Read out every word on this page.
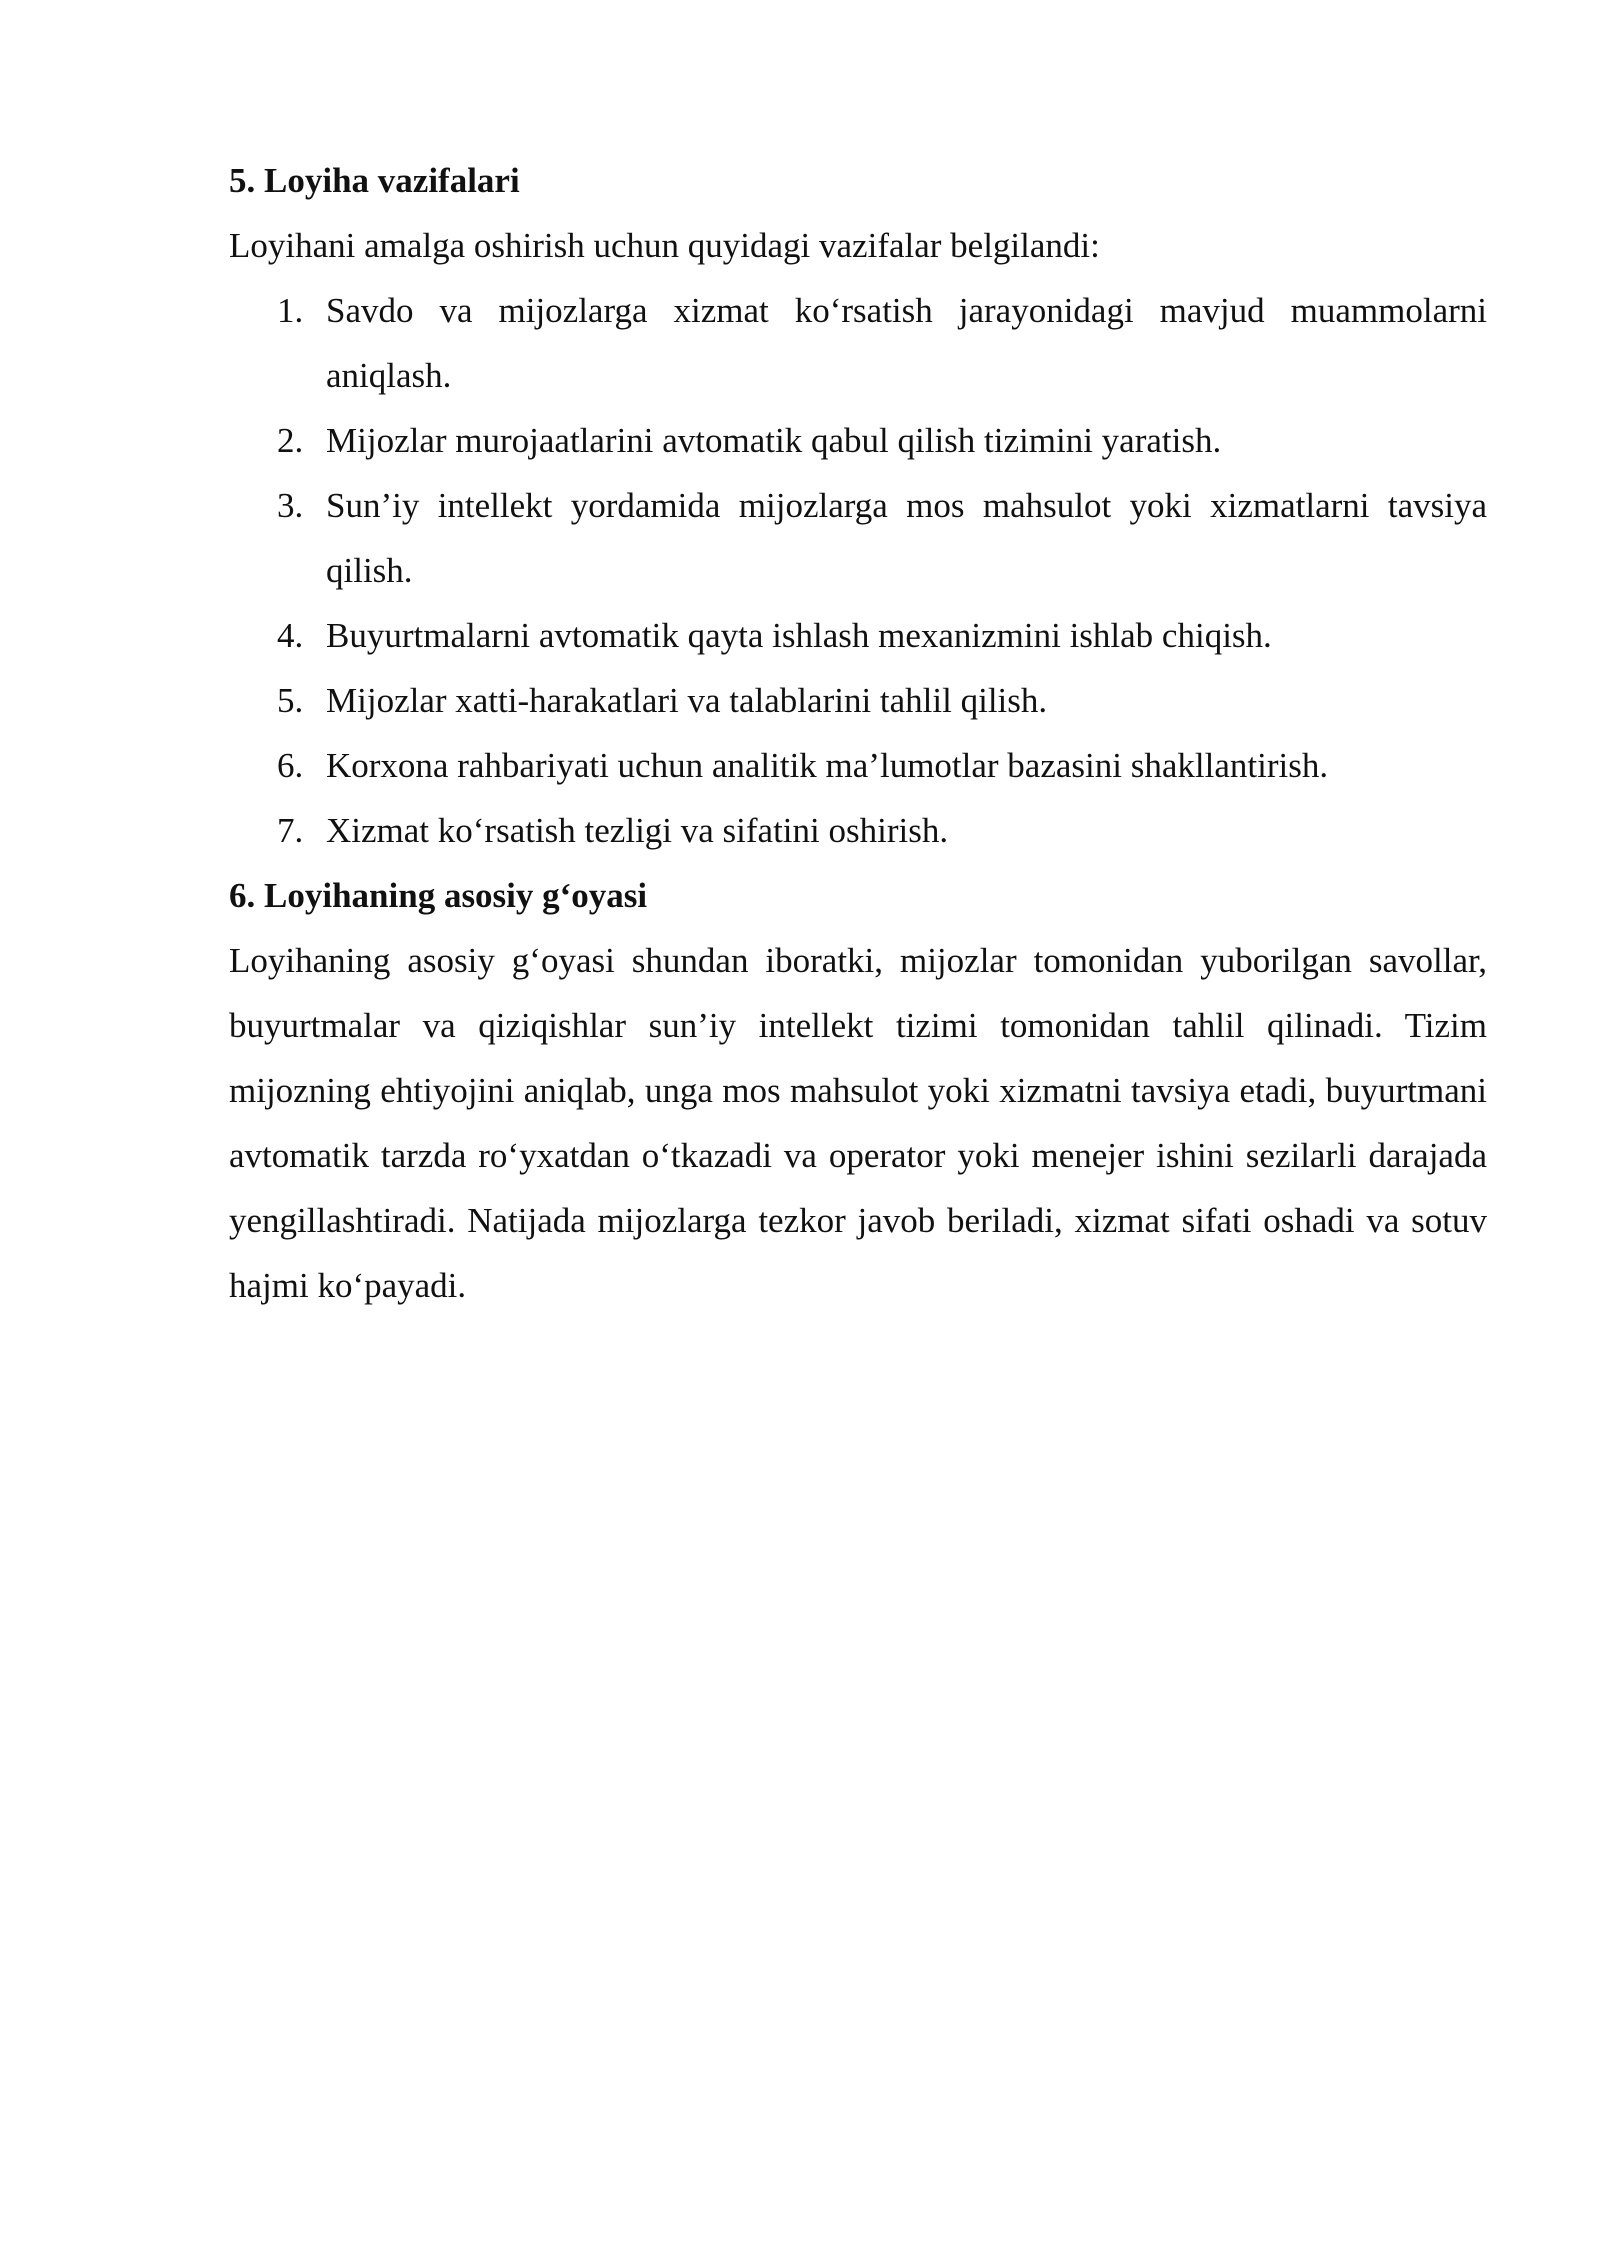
5. Loyiha vazifalari

Loyihani amalga oshirish uchun quyidagi vazifalar belgilandi:

1. Savdo va mijozlarga xizmat ko‘rsatish jarayonidagi mavjud muammolarni aniqlash.
2. Mijozlar murojaatlarini avtomatik qabul qilish tizimini yaratish.
3. Sun’iy intellekt yordamida mijozlarga mos mahsulot yoki xizmatlarni tavsiya qilish.
4. Buyurtmalarni avtomatik qayta ishlash mexanizmini ishlab chiqish.
5. Mijozlar xatti-harakatlari va talablarini tahlil qilish.
6. Korxona rahbariyati uchun analitik ma’lumotlar bazasini shakllantirish.
7. Xizmat ko‘rsatish tezligi va sifatini oshirish.

6. Loyihaning asosiy g‘oyasi

Loyihaning asosiy g‘oyasi shundan iboratki, mijozlar tomonidan yuborilgan savollar, buyurtmalar va qiziqishlar sun’iy intellekt tizimi tomonidan tahlil qilinadi. Tizim mijozning ehtiyojini aniqlab, unga mos mahsulot yoki xizmatni tavsiya etadi, buyurtmani avtomatik tarzda ro‘yxatdan o‘tkazadi va operator yoki menejer ishini sezilarli darajada yengillashtiradi. Natijada mijozlarga tezkor javob beriladi, xizmat sifati oshadi va sotuv hajmi ko‘payadi.
